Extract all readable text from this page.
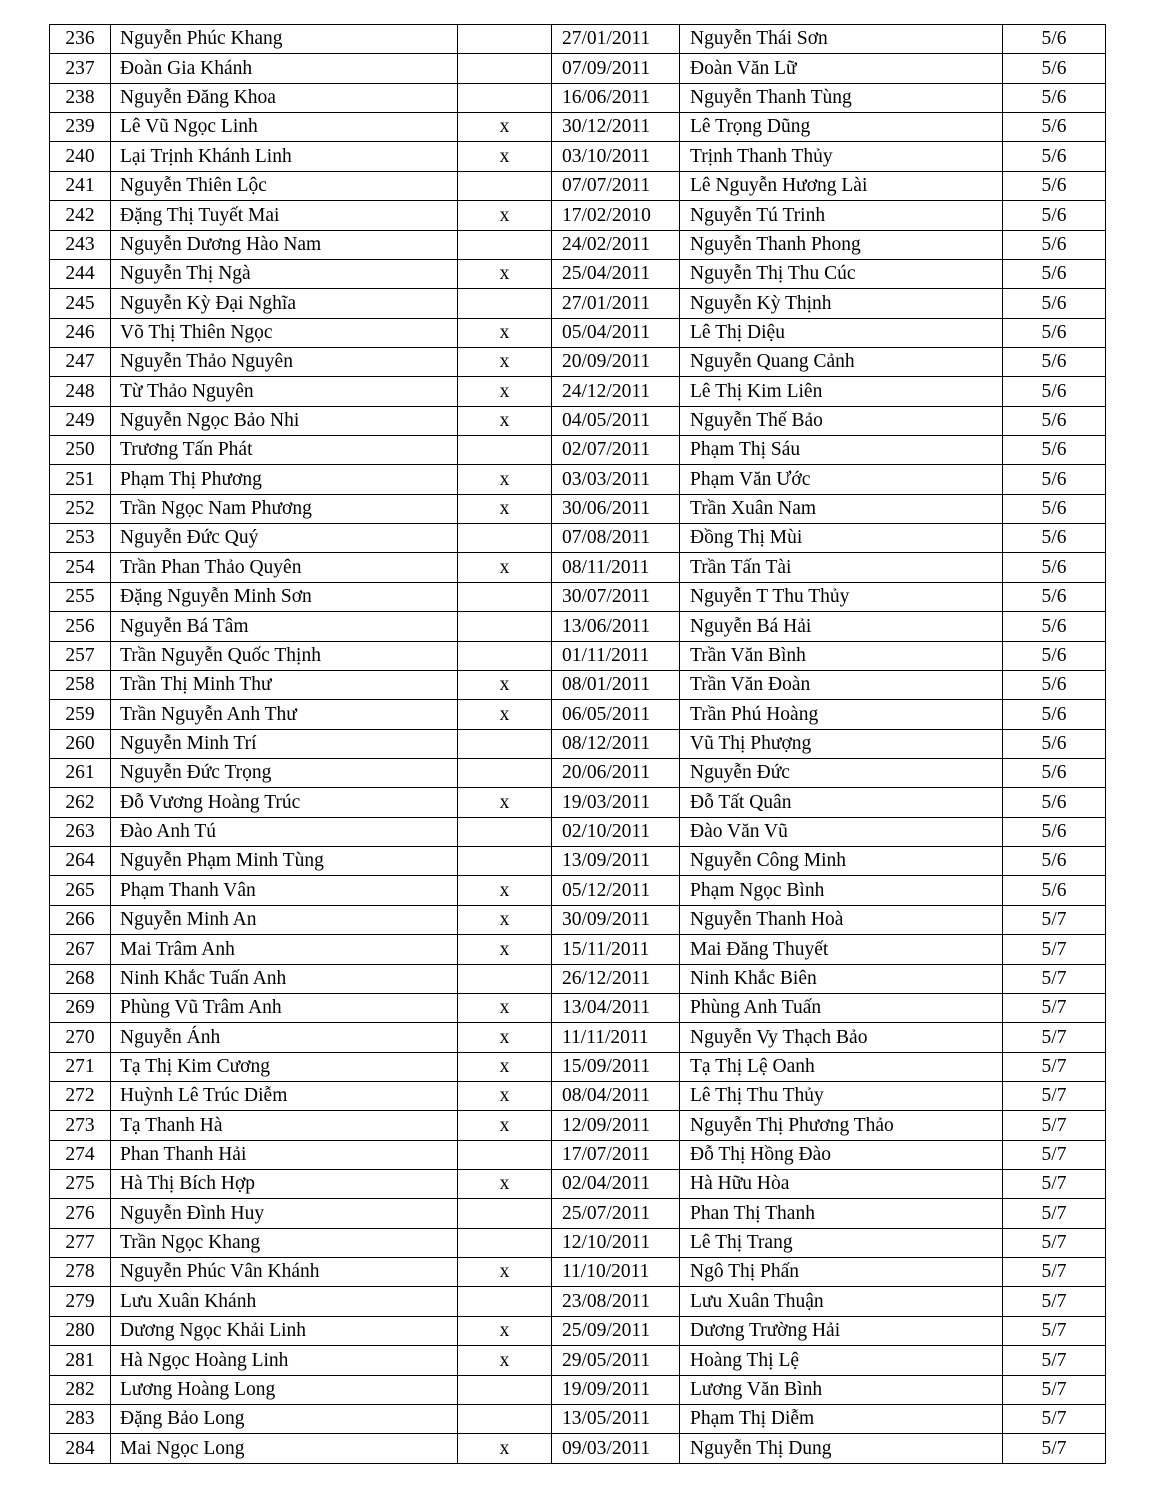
236	Nguyễn Phúc Khang		27/01/2011	Nguyễn Thái Sơn	5/6
237	Đoàn Gia Khánh		07/09/2011	Đoàn Văn Lữ	5/6
238	Nguyễn Đăng Khoa		16/06/2011	Nguyễn Thanh Tùng	5/6
239	Lê Vũ Ngọc Linh	x	30/12/2011	Lê Trọng Dũng	5/6
240	Lại Trịnh Khánh Linh	x	03/10/2011	Trịnh Thanh Thủy	5/6
241	Nguyễn Thiên Lộc		07/07/2011	Lê Nguyễn Hương Lài	5/6
242	Đặng Thị Tuyết Mai	x	17/02/2010	Nguyễn Tú Trinh	5/6
243	Nguyễn Dương Hào Nam		24/02/2011	Nguyễn Thanh Phong	5/6
244	Nguyễn Thị Ngà	x	25/04/2011	Nguyễn Thị Thu Cúc	5/6
245	Nguyễn Kỳ Đại Nghĩa		27/01/2011	Nguyễn Kỳ Thịnh	5/6
246	Võ Thị Thiên Ngọc	x	05/04/2011	Lê Thị Diệu	5/6
247	Nguyễn Thảo Nguyên	x	20/09/2011	Nguyễn Quang Cảnh	5/6
248	Từ Thảo Nguyên	x	24/12/2011	Lê Thị Kim Liên	5/6
249	Nguyễn Ngọc Bảo Nhi	x	04/05/2011	Nguyễn Thế Bảo	5/6
250	Trương Tấn Phát		02/07/2011	Phạm Thị Sáu	5/6
251	Phạm Thị Phương	x	03/03/2011	Phạm Văn Ước	5/6
252	Trần Ngọc Nam Phương	x	30/06/2011	Trần Xuân Nam	5/6
253	Nguyễn Đức Quý		07/08/2011	Đồng Thị Mùi	5/6
254	Trần Phan Thảo Quyên	x	08/11/2011	Trần Tấn Tài	5/6
255	Đặng Nguyễn Minh Sơn		30/07/2011	Nguyễn T Thu Thủy	5/6
256	Nguyễn Bá Tâm		13/06/2011	Nguyễn Bá Hải	5/6
257	Trần Nguyễn Quốc Thịnh		01/11/2011	Trần Văn Bình	5/6
258	Trần Thị Minh Thư	x	08/01/2011	Trần Văn Đoàn	5/6
259	Trần Nguyễn Anh Thư	x	06/05/2011	Trần Phú Hoàng	5/6
260	Nguyễn Minh Trí		08/12/2011	Vũ Thị Phượng	5/6
261	Nguyễn Đức Trọng		20/06/2011	Nguyễn Đức	5/6
262	Đỗ Vương Hoàng Trúc	x	19/03/2011	Đỗ Tất Quân	5/6
263	Đào Anh Tú		02/10/2011	Đào Văn Vũ	5/6
264	Nguyễn Phạm Minh Tùng		13/09/2011	Nguyễn Công Minh	5/6
265	Phạm Thanh Vân	x	05/12/2011	Phạm Ngọc Bình	5/6
266	Nguyễn Minh An	x	30/09/2011	Nguyễn Thanh Hoà	5/7
267	Mai Trâm Anh	x	15/11/2011	Mai Đăng Thuyết	5/7
268	Ninh Khắc Tuấn Anh		26/12/2011	Ninh Khắc Biên	5/7
269	Phùng Vũ Trâm Anh	x	13/04/2011	Phùng Anh Tuấn	5/7
270	Nguyễn Ánh	x	11/11/2011	Nguyễn Vy Thạch Bảo	5/7
271	Tạ Thị Kim Cương	x	15/09/2011	Tạ Thị Lệ Oanh	5/7
272	Huỳnh Lê Trúc Diễm	x	08/04/2011	Lê Thị Thu Thủy	5/7
273	Tạ Thanh Hà	x	12/09/2011	Nguyễn Thị Phương Thảo	5/7
274	Phan Thanh Hải		17/07/2011	Đỗ Thị Hồng Đào	5/7
275	Hà Thị Bích Hợp	x	02/04/2011	Hà Hữu Hòa	5/7
276	Nguyễn Đình Huy		25/07/2011	Phan Thị Thanh	5/7
277	Trần Ngọc Khang		12/10/2011	Lê Thị Trang	5/7
278	Nguyễn Phúc Vân Khánh	x	11/10/2011	Ngô Thị Phấn	5/7
279	Lưu Xuân Khánh		23/08/2011	Lưu Xuân Thuận	5/7
280	Dương Ngọc Khải Linh	x	25/09/2011	Dương Trường Hải	5/7
281	Hà Ngọc Hoàng Linh	x	29/05/2011	Hoàng Thị Lệ	5/7
282	Lương Hoàng Long		19/09/2011	Lương Văn Bình	5/7
283	Đặng Bảo Long		13/05/2011	Phạm Thị Diễm	5/7
284	Mai Ngọc Long	x	09/03/2011	Nguyễn Thị Dung	5/7
